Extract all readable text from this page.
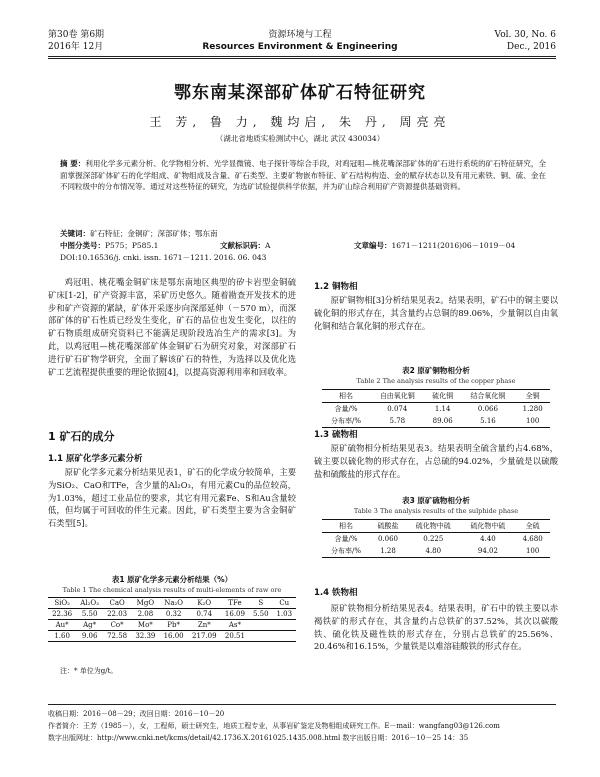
第30卷 第6期
2016年 12月
资源环境与工程
Resources Environment & Engineering
Vol. 30, No. 6
Dec., 2016
鄂东南某深部矿体矿石特征研究
王 芳, 鲁 力, 魏均启, 朱 丹, 周亮亮
（湖北省地质实验测试中心，湖北 武汉 430034）
摘 要：利用化学多元素分析、化学物相分析、光学显微镜、电子探针等综合手段，对鸡冠咀—桃花嘴深部矿体的矿石进行系统的矿石特征研究，全面掌握深部矿体矿石的化学组成、矿物组成及含量、矿石类型、主要矿物嵌布特征、矿石结构构造、金的赋存状态以及有用元素铁、铜、硫、金在不同粒级中的分布情况等。通过对这些特征的研究，为选矿试验提供科学依据，并为矿山综合利用矿产资源提供基础资料。
关键词：矿石特征；金铜矿；深部矿体；鄂东南
中图分类号：P575；P585.1	文献标识码：A	文章编号：1671－1211(2016)06－1019－04
DOI:10.16536/j. cnki. issn. 1671－1211. 2016. 06. 043
鸡冠咀、桃花嘴金铜矿床是鄂东南地区典型的矽卡岩型金铜硫矿床[1-2]，矿产资源丰富，采矿历史悠久。随着勘查开发技术的进步和矿产资源的紧缺，矿体开采逐步向深部延伸（－570 m），而深部矿体的矿石性质已经发生变化，矿石的品位也发生变化，以往的矿石物质组成研究资料已不能满足现阶段选冶生产的需求[3]。为此，以鸡冠咀—桃花嘴深部矿体金铜矿石为研究对象，对深部矿石进行矿石矿物学研究，全面了解该矿石的特性，为选择以及优化选矿工艺流程提供重要的理论依据[4]，以提高资源利用率和回收率。
1 矿石的成分
1.1 原矿化学多元素分析
原矿化学多元素分析结果见表1，矿石的化学成分较简单，主要为SiO₂、CaO和TFe，含少量的Al₂O₃，有用元素Cu的品位较高，为1.03%，超过工业品位的要求，其它有用元素Fe、S和Au含量较低，但均属于可回收的伴生元素。因此，矿石类型主要为含金铜矿石类型[5]。
表1 原矿化学多元素分析结果（%）
Table 1 The chemical analysis results of multi-elements of raw ore
SiO₂	Al₂O₃	CaO	MgO	Na₂O	K₂O	TFe	S	Cu
22.36	5.50	22.03	2.08	0.32	0.74	16.09	5.50	1.03
Au*	Ag*	Co*	Mo*	Pb*	Zn*	As*		
1.60	9.06	72.58	32.39	16.00	217.09	20.51		
注：* 单位为g/t。
1.2 铜物相
原矿铜物相[3]分析结果见表2。结果表明，矿石中的铜主要以硫化铜的形式存在，其含量约占总铜的89.06%，少量铜以自由氧化铜和结合氧化铜的形式存在。
表2 原矿铜物相分析
Table 2 The analysis results of the copper phase
相名	自由氧化铜	硫化铜	结合氧化铜	全铜
含量/%	0.074	1.14	0.066	1.280
分布率/%	5.78	89.06	5.16	100
1.3 硫物相
原矿硫物相分析结果见表3。结果表明全硫含量约占4.68%，硫主要以硫化物的形式存在，占总硫的94.02%，少量硫是以硫酸盐和硫酸盐的形式存在。
表3 原矿硫物相分析
Table 3 The analysis results of the sulphide phase
相名	硫酸盐	硫化物中硫	硫化物中硫	全硫
含量/%	0.060	0.225	4.40	4.680
分布率/%	1.28	4.80	94.02	100
1.4 铁物相
原矿铁物相分析结果见表4。结果表明，矿石中的铁主要以赤褐铁矿的形式存在，其含量约占总铁矿的37.52%，其次以碳酸铁、硫化铁及磁性铁的形式存在，分别占总铁矿的25.56%、20.46%和16.15%，少量铁是以难溶硅酸铁的形式存在。
收稿日期：2016－08－29；改回日期：2016－10－20
作者简介：王芳（1985－），女，工程师，硕士研究生，地质工程专业，从事岩矿鉴定及物相组成研究工作。E－mail：wangfang03@126.com
数字出版网址：http://www.cnki.net/kcms/detail/42.1736.X.20161025.1435.008.html 数字出版日期：2016－10－25 14：35
